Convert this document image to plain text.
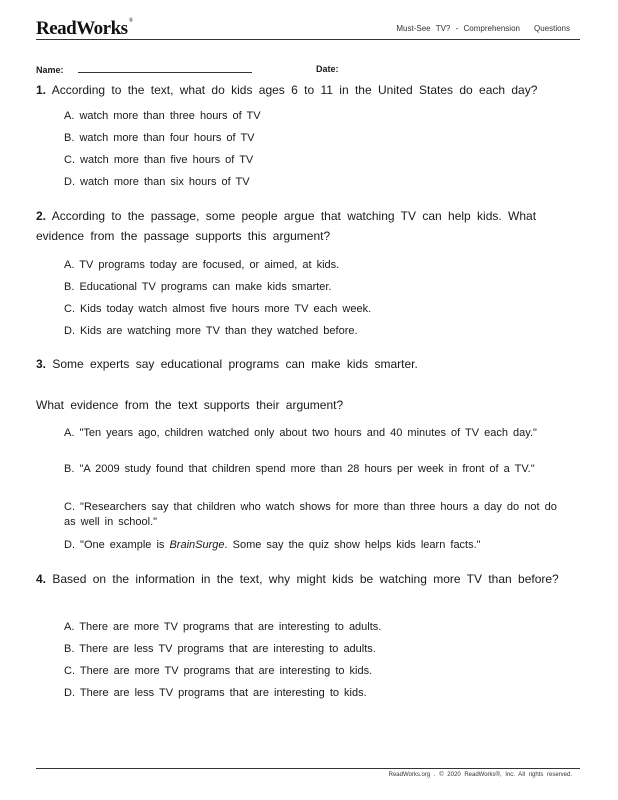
ReadWorks®
Must-See TV? - Comprehension Questions
Name:	Date:
1. According to the text, what do kids ages 6 to 11 in the United States do each day?
A. watch more than three hours of TV
B. watch more than four hours of TV
C. watch more than five hours of TV
D. watch more than six hours of TV
2. According to the passage, some people argue that watching TV can help kids. What evidence from the passage supports this argument?
A. TV programs today are focused, or aimed, at kids.
B. Educational TV programs can make kids smarter.
C. Kids today watch almost five hours more TV each week.
D. Kids are watching more TV than they watched before.
3. Some experts say educational programs can make kids smarter.
What evidence from the text supports their argument?
A. "Ten years ago, children watched only about two hours and 40 minutes of TV each day."
B. "A 2009 study found that children spend more than 28 hours per week in front of a TV."
C. "Researchers say that children who watch shows for more than three hours a day do not do as well in school."
D. "One example is BrainSurge. Some say the quiz show helps kids learn facts."
4. Based on the information in the text, why might kids be watching more TV than before?
A. There are more TV programs that are interesting to adults.
B. There are less TV programs that are interesting to adults.
C. There are more TV programs that are interesting to kids.
D. There are less TV programs that are interesting to kids.
ReadWorks.org . © 2020 ReadWorks®, Inc. All rights reserved.
